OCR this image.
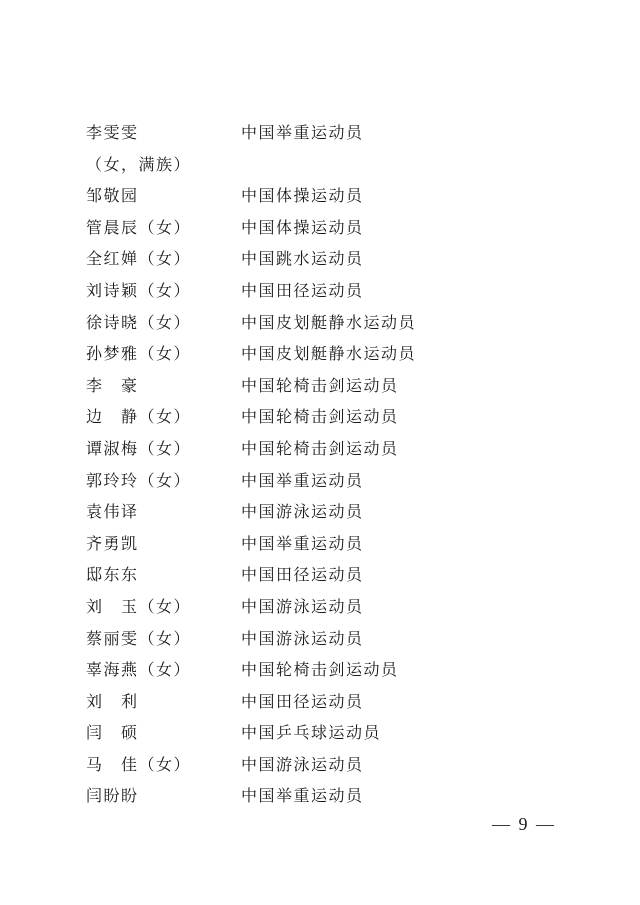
李雯雯	中国举重运动员
（女，满族）
邹敬园	中国体操运动员
管晨辰（女）	中国体操运动员
全红婵（女）	中国跳水运动员
刘诗颖（女）	中国田径运动员
徐诗晓（女）	中国皮划艇静水运动员
孙梦雅（女）	中国皮划艇静水运动员
李　豪	中国轮椅击剑运动员
边　静（女）	中国轮椅击剑运动员
谭淑梅（女）	中国轮椅击剑运动员
郭玲玲（女）	中国举重运动员
袁伟译	中国游泳运动员
齐勇凯	中国举重运动员
邸东东	中国田径运动员
刘　玉（女）	中国游泳运动员
蔡丽雯（女）	中国游泳运动员
辜海燕（女）	中国轮椅击剑运动员
刘　利	中国田径运动员
闫　硕	中国乒乓球运动员
马　佳（女）	中国游泳运动员
闫盼盼	中国举重运动员
— 9 —
